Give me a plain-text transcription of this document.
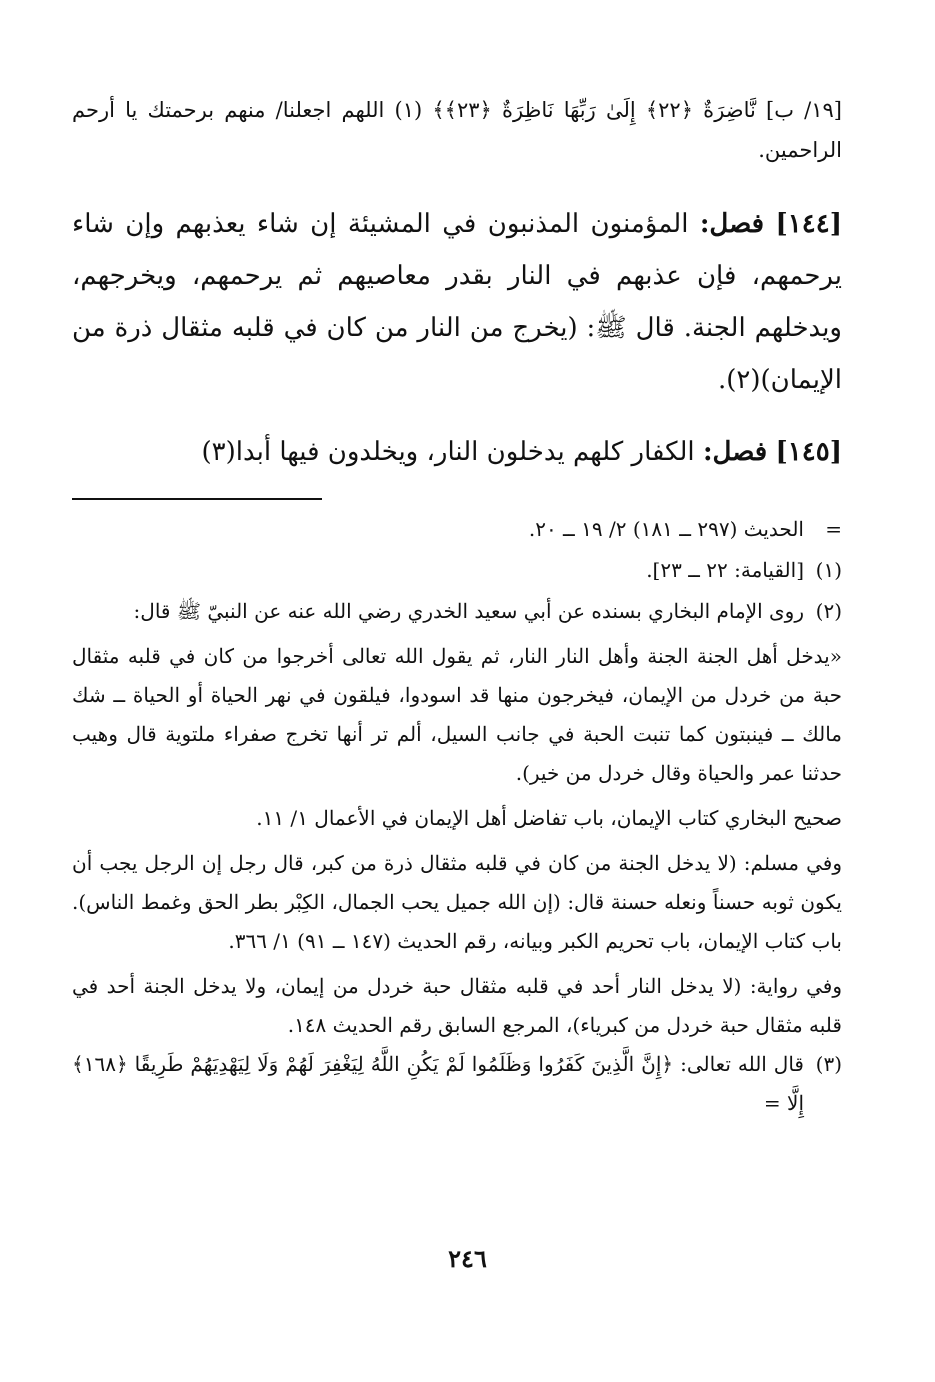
[١٩/ ب] نَّاضِرَةٌ ﴿٢٢﴾ إِلَىٰ رَبِّهَا نَاظِرَةٌ ﴿٢٣﴾﴾ (١) اللهم اجعلنا/ منهم برحمتك يا أرحم الراحمين.

[١٤٤] فصل: المؤمنون المذنبون في المشيئة إن شاء يعذبهم وإن شاء يرحمهم، فإن عذبهم في النار بقدر معاصيهم ثم يرحمهم، ويخرجهم، ويدخلهم الجنة. قال ﷺ: (يخرج من النار من كان في قلبه مثقال ذرة من الإيمان)(٢).

[١٤٥] فصل: الكفار كلهم يدخلون النار، ويخلدون فيها أبدا(٣)

=
الحديث (٢٩٧ ــ ١٨١) ٢/ ١٩ ــ ٢٠.
(١)
[القيامة: ٢٢ ــ ٢٣].
(٢)
روى الإمام البخاري بسنده عن أبي سعيد الخدري رضي الله عنه عن النبيّ ﷺ قال:

«يدخل أهل الجنة الجنة وأهل النار النار، ثم يقول الله تعالى أخرجوا من كان في قلبه مثقال حبة من خردل من الإيمان، فيخرجون منها قد اسودوا، فيلقون في نهر الحياة أو الحياة ــ شك مالك ــ فينبتون كما تنبت الحبة في جانب السيل، ألم تر أنها تخرج صفراء ملتوية قال وهيب حدثنا عمر والحياة وقال خردل من خير).

صحيح البخاري كتاب الإيمان، باب تفاضل أهل الإيمان في الأعمال ١/ ١١.

وفي مسلم: (لا يدخل الجنة من كان في قلبه مثقال ذرة من كبر، قال رجل إن الرجل يجب أن يكون ثوبه حسناً ونعله حسنة قال: (إن الله جميل يحب الجمال، الكِبْر بطر الحق وغمط الناس). باب كتاب الإيمان، باب تحريم الكبر وبيانه، رقم الحديث (١٤٧ ــ ٩١) ١/ ٣٦٦.

وفي رواية: (لا يدخل النار أحد في قلبه مثقال حبة خردل من إيمان، ولا يدخل الجنة أحد في قلبه مثقال حبة خردل من كبرياء)، المرجع السابق رقم الحديث ١٤٨.

(٣)
قال الله تعالى: ﴿إِنَّ الَّذِينَ كَفَرُوا وَظَلَمُوا لَمْ يَكُنِ اللَّهُ لِيَغْفِرَ لَهُمْ وَلَا لِيَهْدِيَهُمْ طَرِيقًا ﴿١٦٨﴾ إِلَّا =
٢٤٦
